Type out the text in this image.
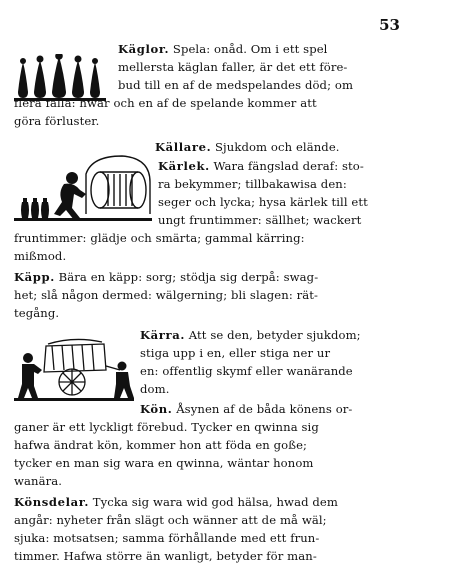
53
Käglor. Spela: onåd. Om i ett spel
mellersta käglan faller, är det ett före-
bud till en af de medspelandes död; om
flera falla: hwar och en af de spelande kommer att
göra förluster.
Källare. Sjukdom och elände.
Kärlek. Wara fängslad deraf: sto-
ra bekymmer; tillbakawisa den:
seger och lycka; hysa kärlek till ett
ungt fruntimmer: sällhet; wackert
fruntimmer: glädje och smärta; gammal kärring:
mißmod.
Käpp. Bära en käpp: sorg; stödja sig derpå: swag-
het; slå någon dermed: wälgerning; bli slagen: rät-
tegång.
Kärra. Att se den, betyder sjukdom;
stiga upp i en, eller stiga ner ur
en: offentlig skymf eller wanärande
dom.
Kön. Åsynen af de båda könens or-
ganer är ett lyckligt förebud. Tycker en qwinna sig
hafwa ändrat kön, kommer hon att föda en goße;
tycker en man sig wara en qwinna, wäntar honom
wanära.
Könsdelar. Tycka sig wara wid god hälsa, hwad dem
angår: nyheter från slägt och wänner att de må wäl;
sjuka: motsatsen; samma förhållande med ett frun-
timmer. Hafwa större än wanligt, betyder för man-
